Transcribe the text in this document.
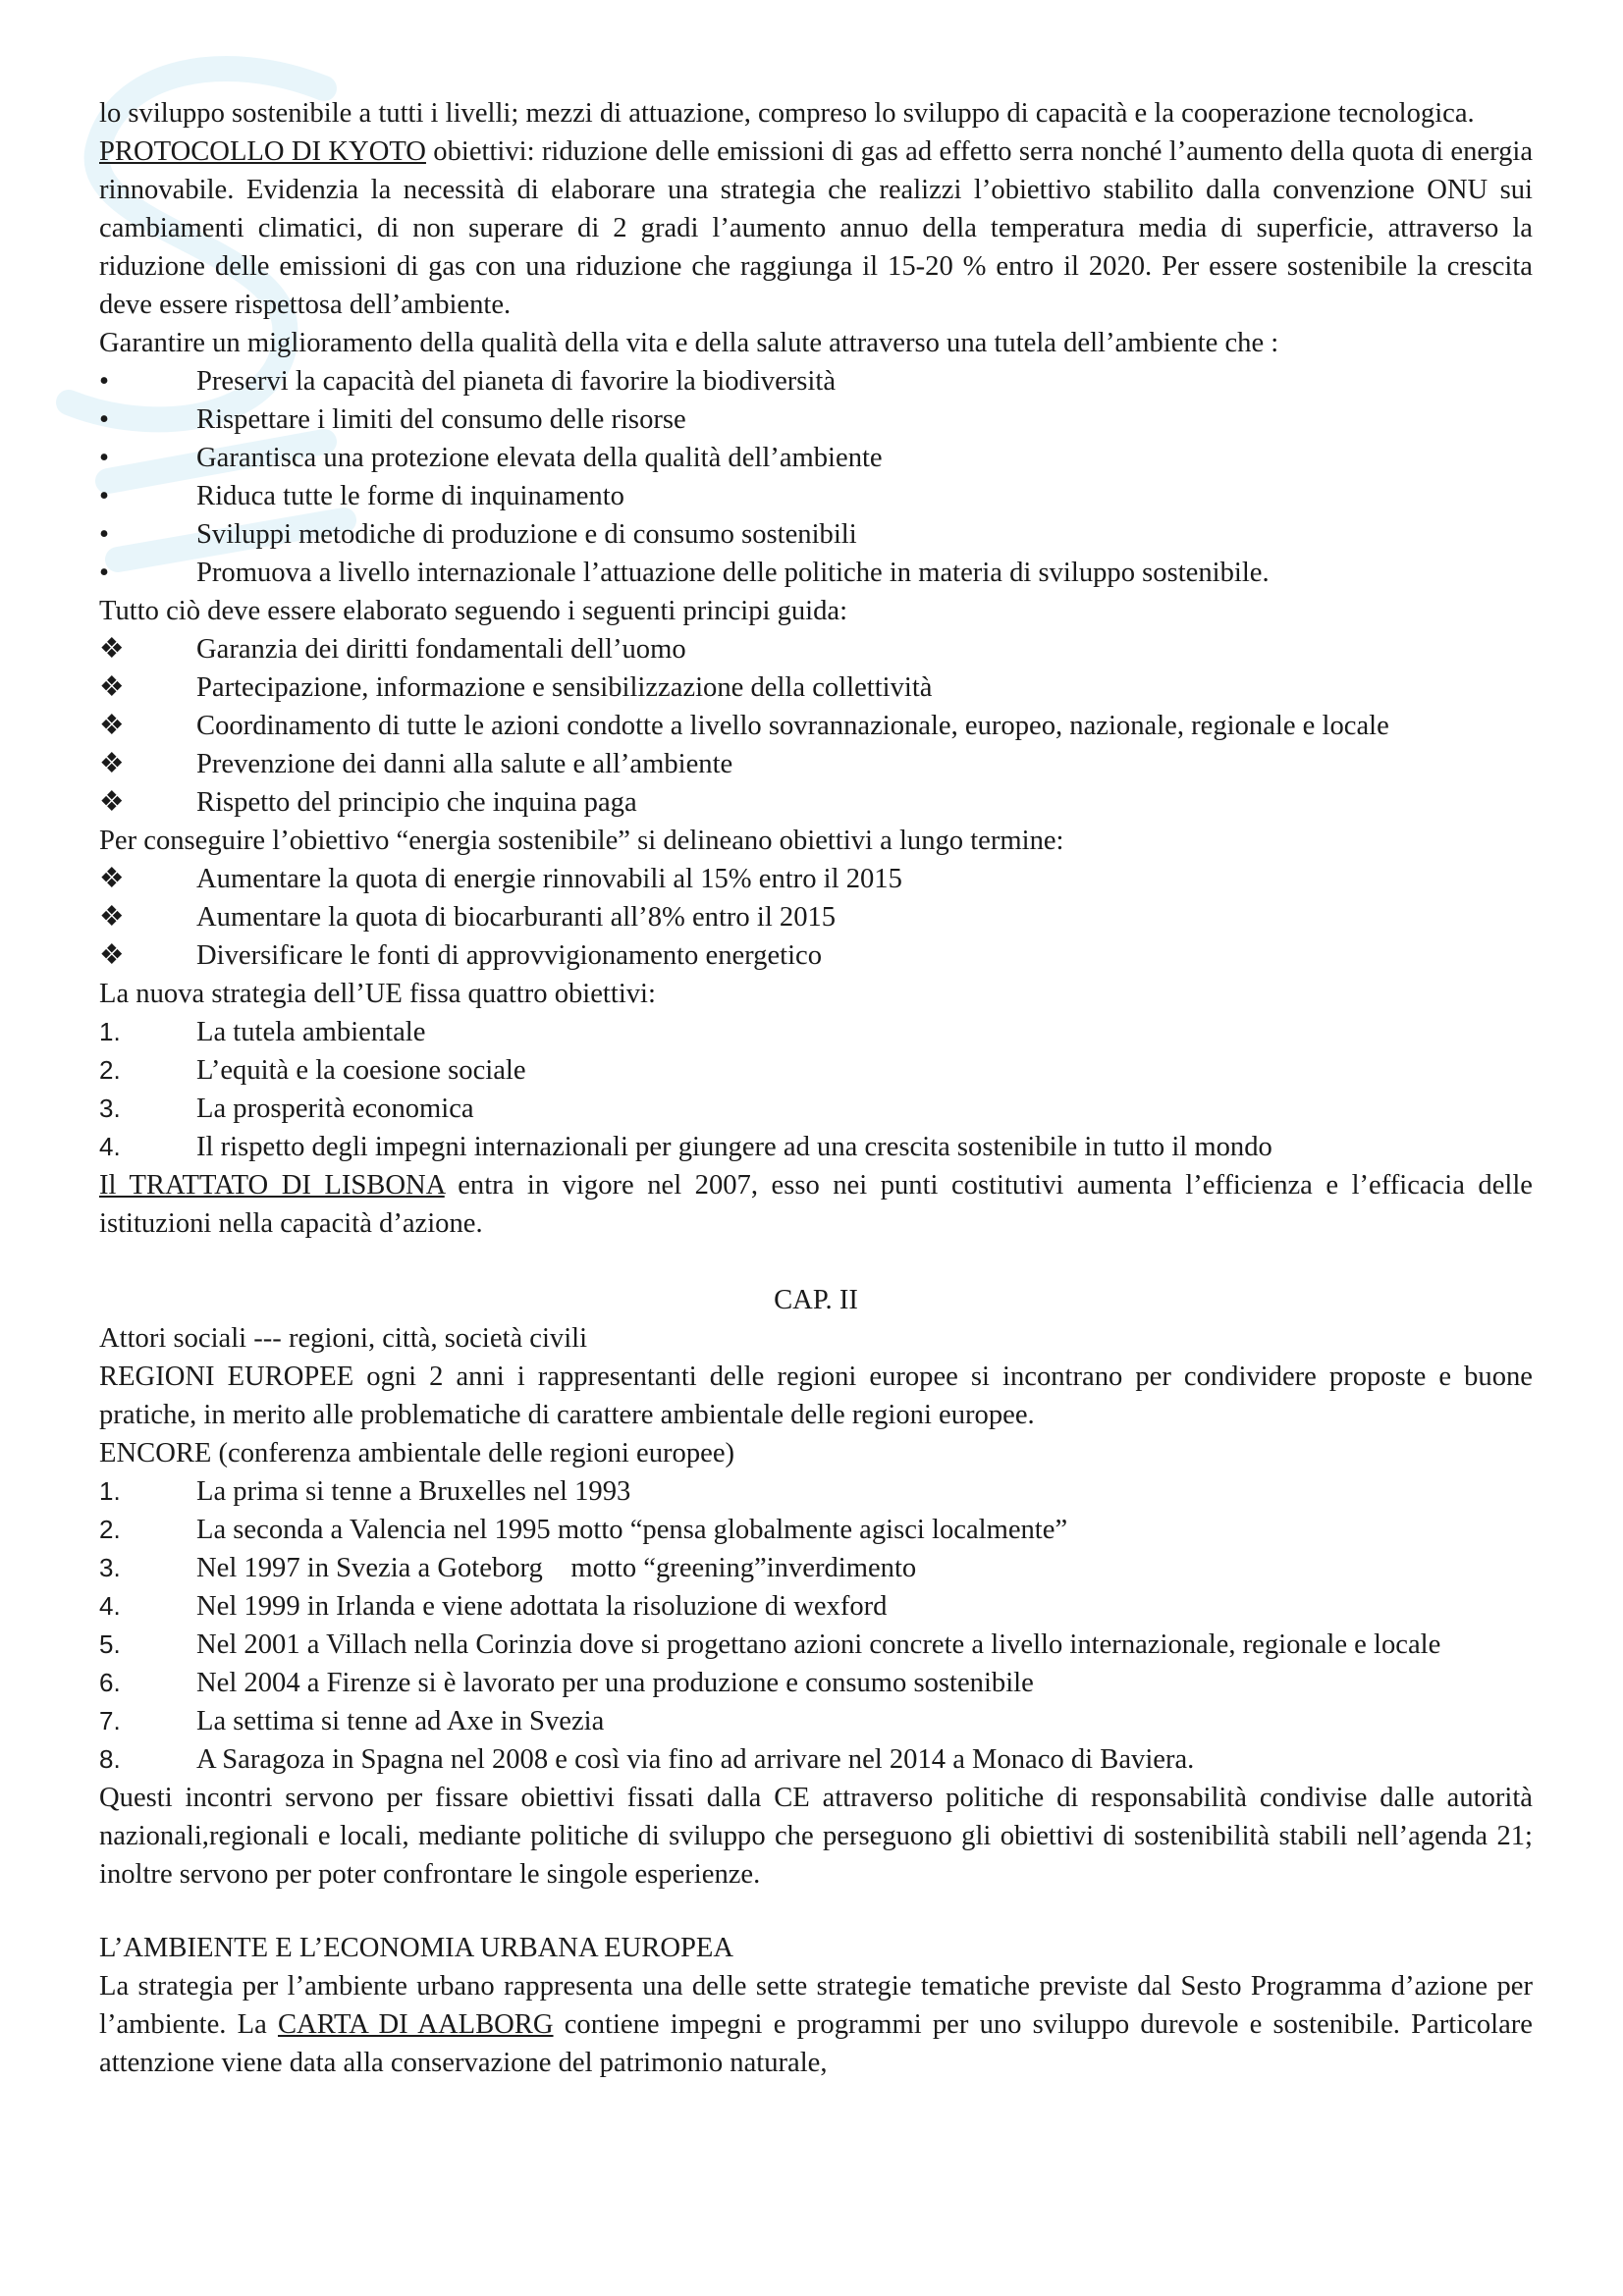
lo sviluppo sostenibile a tutti i livelli; mezzi di attuazione, compreso lo sviluppo di capacità e la cooperazione tecnologica.

PROTOCOLLO DI KYOTO obiettivi: riduzione delle emissioni di gas ad effetto serra nonché l’aumento della quota di energia rinnovabile. Evidenzia la necessità di elaborare una strategia che realizzi l’obiettivo stabilito dalla convenzione ONU sui cambiamenti climatici, di non superare di 2 gradi l’aumento annuo della temperatura media di superficie, attraverso la riduzione delle emissioni di gas con una riduzione che raggiunga il 15-20 % entro il 2020. Per essere sostenibile la crescita deve essere rispettosa dell’ambiente.

Garantire un miglioramento della qualità della vita e della salute attraverso una tutela dell’ambiente che :

•	Preservi la capacità del pianeta di favorire la biodiversità

•	Rispettare i limiti del consumo delle risorse

•	Garantisca una protezione elevata della qualità dell’ambiente

•	Riduca tutte le forme di inquinamento

•	Sviluppi metodiche di produzione e di consumo sostenibili

•	Promuova a livello internazionale l’attuazione delle politiche in materia di sviluppo sostenibile.

Tutto ciò deve essere elaborato seguendo i seguenti principi guida:

❖	Garanzia dei diritti fondamentali dell’uomo

❖	Partecipazione, informazione e sensibilizzazione della collettività

❖	Coordinamento di tutte le azioni condotte a livello sovrannazionale, europeo, nazionale, regionale e locale

❖	Prevenzione dei danni alla salute e all’ambiente

❖	Rispetto del principio che inquina paga

Per conseguire l’obiettivo “energia sostenibile” si delineano obiettivi a lungo termine:

❖	Aumentare la quota di energie rinnovabili al 15% entro il 2015

❖	Aumentare la quota di biocarburanti all’8% entro il 2015

❖	Diversificare le fonti di approvvigionamento energetico

La nuova strategia dell’UE fissa quattro obiettivi:

1.	La tutela ambientale

2.	L’equità e la coesione sociale

3.	La prosperità economica

4.	Il rispetto degli impegni internazionali per giungere ad una crescita sostenibile in tutto il mondo

Il TRATTATO DI LISBONA entra in vigore nel 2007, esso nei punti costitutivi aumenta l’efficienza e l’efficacia delle istituzioni nella capacità d’azione.

CAP. II

Attori sociali --- regioni, città, società civili

REGIONI EUROPEE ogni 2 anni i rappresentanti delle regioni europee si incontrano per condividere proposte e buone pratiche, in merito alle problematiche di carattere ambientale delle regioni europee.

ENCORE (conferenza ambientale delle regioni europee)

1.	La prima si tenne a Bruxelles nel 1993

2.	La seconda a Valencia nel 1995 motto “pensa globalmente agisci localmente”

3.	Nel 1997 in Svezia a Goteborg    motto “greening”inverdimento

4.	Nel 1999 in Irlanda e viene adottata la risoluzione di wexford

5.	Nel 2001 a Villach nella Corinzia dove si progettano azioni concrete a livello internazionale, regionale e locale

6.	Nel 2004 a Firenze si è lavorato per una produzione e consumo sostenibile

7.	La settima si tenne ad Axe in Svezia

8.	A Saragoza in Spagna nel 2008 e così via fino ad arrivare nel 2014 a Monaco di Baviera.

Questi incontri servono per fissare obiettivi fissati dalla CE attraverso politiche di responsabilità condivise dalle autorità nazionali,regionali e locali, mediante politiche di sviluppo che perseguono gli obiettivi di sostenibilità stabili nell’agenda 21; inoltre servono per poter confrontare le singole esperienze.

L’AMBIENTE E L’ECONOMIA URBANA EUROPEA

La strategia per l’ambiente urbano rappresenta una delle sette strategie tematiche previste dal Sesto Programma d’azione per l’ambiente. La CARTA DI AALBORG contiene impegni e programmi per uno sviluppo durevole e sostenibile. Particolare attenzione viene data alla conservazione del patrimonio naturale,
